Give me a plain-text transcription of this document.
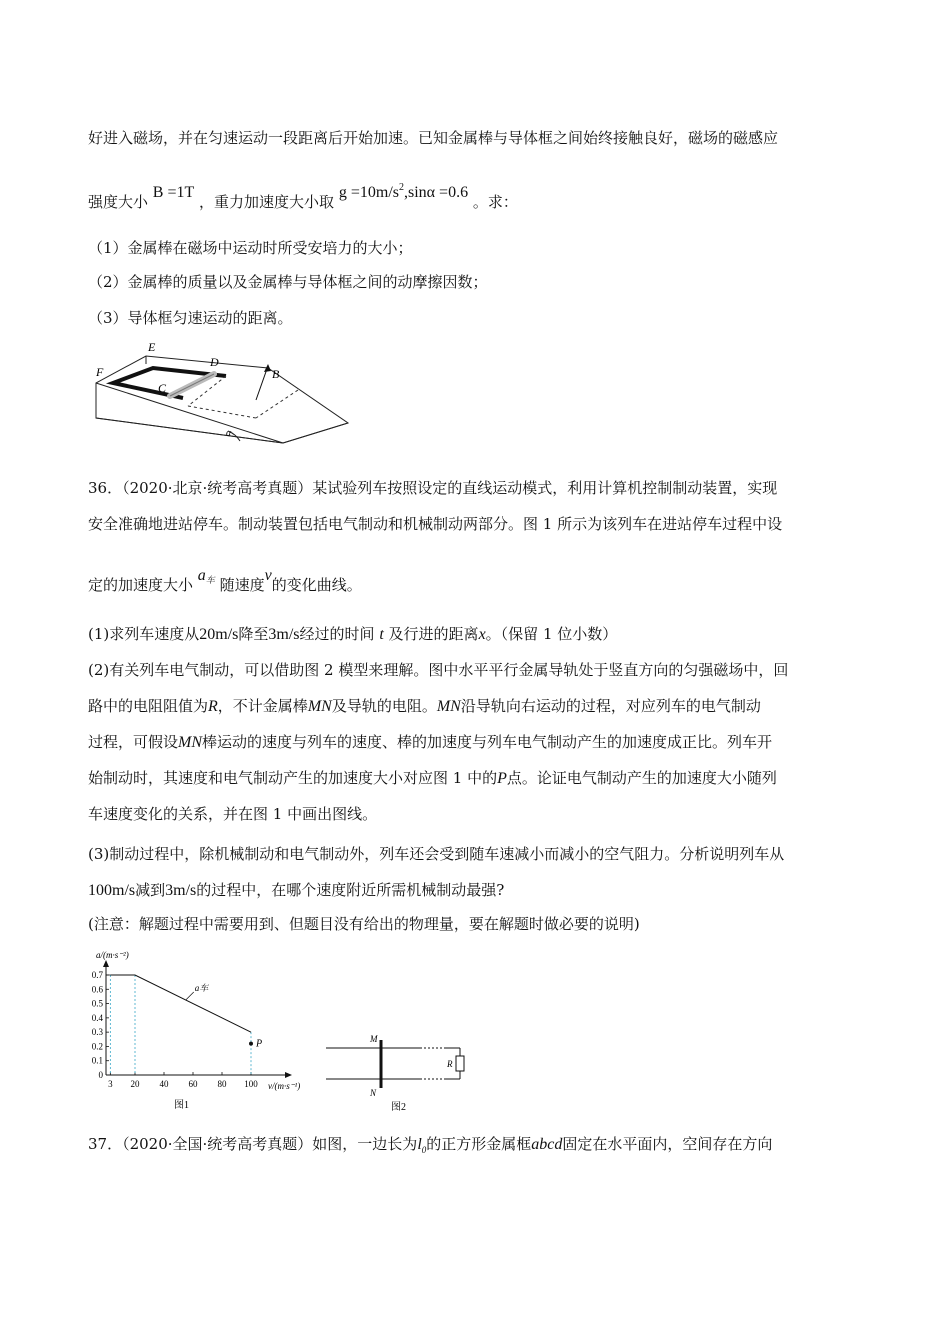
好进入磁场，并在匀速运动一段距离后开始加速。已知金属棒与导体框之间始终接触良好，磁场的磁感应
强度大小 B =1T ，重力加速度大小取 $g =10m/s^2,\sin\alpha =0.6$ 。求：
（1）金属棒在磁场中运动时所受安培力的大小；
（2）金属棒的质量以及金属棒与导体框之间的动摩擦因数；
（3）导体框匀速运动的距离。
α
E
D
F
C
B
36．（2020·北京·统考高考真题）某试验列车按照设定的直线运动模式，利用计算机控制制动装置，实现
安全准确地进站停车。制动装置包括电气制动和机械制动两部分。图 1 所示为该列车在进站停车过程中设
定的加速度大小 a车 随速度v的变化曲线。
(1)求列车速度从20m/s降至3m/s经过的时间 t 及行进的距离x。（保留 1 位小数）
(2)有关列车电气制动，可以借助图 2 模型来理解。图中水平平行金属导轨处于竖直方向的匀强磁场中，回
路中的电阻阻值为R，不计金属棒MN及导轨的电阻。MN沿导轨向右运动的过程，对应列车的电气制动
过程，可假设MN棒运动的速度与列车的速度、棒的加速度与列车电气制动产生的加速度成正比。列车开
始制动时，其速度和电气制动产生的加速度大小对应图 1 中的P点。论证电气制动产生的加速度大小随列
车速度变化的关系，并在图 1 中画出图线。
(3)制动过程中，除机械制动和电气制动外，列车还会受到随车速减小而减小的空气阻力。分析说明列车从
100m/s减到3m/s的过程中，在哪个速度附近所需机械制动最强?
(注意：解题过程中需要用到、但题目没有给出的物理量，要在解题时做必要的说明)
a/(m·s⁻²)
v/(m·s⁻¹)
0.7
0.6
0.5
0.4
0.3
0.2
0.1
0
3 20 40 60 80 100
a车
P
图1
R
M
N
图2
37．（2020·全国·统考高考真题）如图，一边长为$l_0$的正方形金属框abcd固定在水平面内，空间存在方向
